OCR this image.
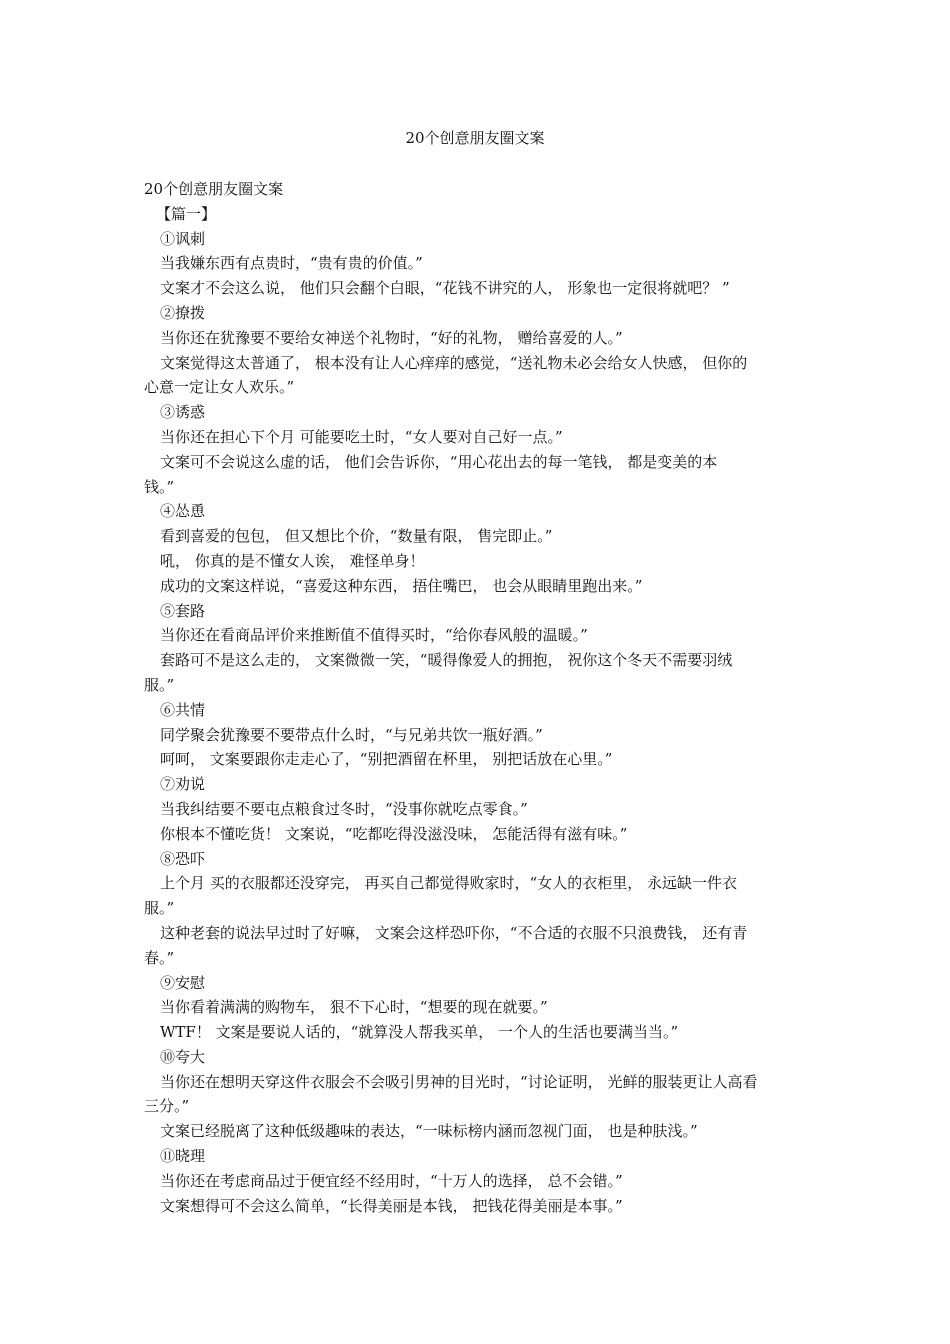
20个创意朋友圈文案
20个创意朋友圈文案
【篇一】
①讽刺
当我嫌东西有点贵时，“贵有贵的价值。”
文案才不会这么说， 他们只会翻个白眼，“花钱不讲究的人， 形象也一定很将就吧？ ”
②撩拨
当你还在犹豫要不要给女神送个礼物时，“好的礼物， 赠给喜爱的人。”
文案觉得这太普通了， 根本没有让人心痒痒的感觉，“送礼物未必会给女人快感， 但你的
心意一定让女人欢乐。”
③诱惑
当你还在担心下个月 可能要吃土时，“女人要对自己好一点。”
文案可不会说这么虚的话， 他们会告诉你，“用心花出去的每一笔钱， 都是变美的本
钱。”
④怂恿
看到喜爱的包包， 但又想比个价，“数量有限， 售完即止。”
吼， 你真的是不懂女人诶， 难怪单身！
成功的文案这样说，“喜爱这种东西， 捂住嘴巴， 也会从眼睛里跑出来。”
⑤套路
当你还在看商品评价来推断值不值得买时，“给你春风般的温暖。”
套路可不是这么走的， 文案微微一笑，“暖得像爱人的拥抱， 祝你这个冬天不需要羽绒
服。”
⑥共情
同学聚会犹豫要不要带点什么时，“与兄弟共饮一瓶好酒。”
呵呵， 文案要跟你走走心了，“别把酒留在杯里， 别把话放在心里。”
⑦劝说
当我纠结要不要屯点粮食过冬时，“没事你就吃点零食。”
你根本不懂吃货！ 文案说，“吃都吃得没滋没味， 怎能活得有滋有味。”
⑧恐吓
上个月 买的衣服都还没穿完， 再买自己都觉得败家时，“女人的衣柜里， 永远缺一件衣
服。”
这种老套的说法早过时了好嘛， 文案会这样恐吓你，“不合适的衣服不只浪费钱， 还有青
春。”
⑨安慰
当你看着满满的购物车， 狠不下心时，“想要的现在就要。”
WTF！ 文案是要说人话的，“就算没人帮我买单， 一个人的生活也要满当当。”
⑩夸大
当你还在想明天穿这件衣服会不会吸引男神的目光时，“讨论证明， 光鲜的服装更让人高看
三分。”
文案已经脱离了这种低级趣味的表达，“一味标榜内涵而忽视门面， 也是种肤浅。”
⑪晓理
当你还在考虑商品过于便宜经不经用时，“十万人的选择， 总不会错。”
文案想得可不会这么简单，“长得美丽是本钱， 把钱花得美丽是本事。”
